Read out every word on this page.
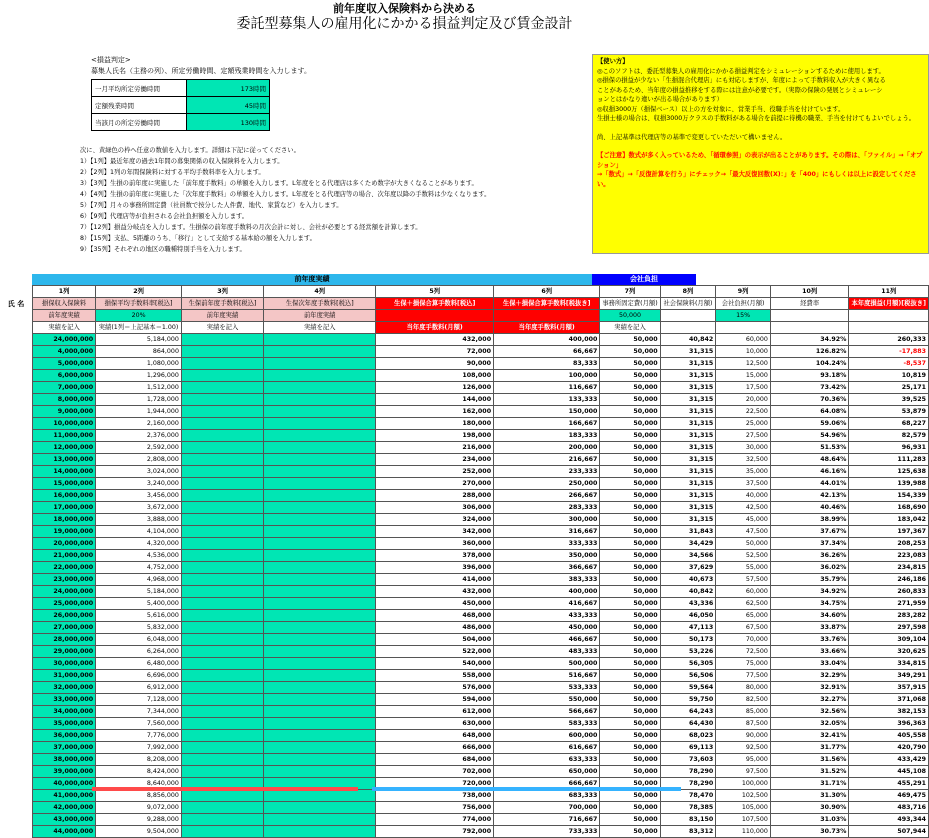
前年度収入保険料から決める
委託型募集人の雇用化にかかる損益判定及び賃金設計
<損益判定>
募集人氏名（主務の列）、所定労働時間、定額残業時間を入力します。
一月平均所定労働時間	173時間
定額残業時間	45時間
当該月の所定労働時間	130時間
次に、黄緑色の枠へ任意の数値を入力します。詳細は下記に従ってください。
1）【1列】最近年度の過去1年間の募集関係の収入保険料を入力します。
2）【2列】1列の年間保険料に対する平均手数料率を入力します。
3）【3列】生損の前年度に実施した「前年度手数料」の単額を入力します。L年度をとる代理店は多くため数字が大きくなることがあります。
4）【4列】生損の前年度に実施した「次年度手数料」の単額を入力します。L年度をとる代理店等の場合、次年度以降の手数料は少なくなります。
5）【7列】月々の事務所固定費（社員数で按分した人件費、地代、家賃など）を入力します。
6）【9列】代理店等が負担される会社負担額を入力します。
7）【12列】損益分岐点を入力します。生損保の前年度手数料の月次会計に対し、会社が必要とする経営額を計算します。
8）【15列】支払、5距離のうち、「移行」として支給する基本給の額を入力します。
9）【35列】それぞれの地区の職種特別手当を入力します。
【使い方】
◎このソフトは、委託型募集人の雇用化にかかる損益判定をシミュレーションするために使用します。
◎損保の損益が少ない「生損混合代理店」にも対応しますが、年度によって手数料収入が大きく異なる
ことがあるため、当年度の損益推移をする際には注意が必要です。（実際の保険の発展とシミュレーシ
ョンとはかなり違いが出る場合があります）
◎収損3000万（損保ベース）以上の方を対象に、営業手当、役職手当を付けています。
生損士様の場合は、収損3000万クラスの手数料がある場合を前提に待機の職業、手当を付けてもよいでしょう。
尚、上記基準は代理店等の基準で変更していただいて構いません。
【ご注意】数式が多く入っているため、「循環参照」の表示が出ることがあります。その際は、「ファイル」→「オプション」
→「数式」→「反復計算を行う」にチェック→「最大反復回数(X)：」を「400」にもしくは以上に設定してください。
前年度実績	会社負担
氏 名
1列	2列	3列	4列	5列	6列	7列	8列	9列	10列	11列
損保収入保険料	損保平均手数料率[税込]	生保前年度手数料[税込]	生保次年度手数料[税込]	生保＋損保合算手数料[税込]	生保＋損保合算手数料[税抜き]	事務所固定費(月額)	社会保険料(月額)	会社負担(月額)	経費率	本年度損益(月額)[税抜き]
前年度実績	20%	前年度実績	前年度実績			50,000		15%		
実績を記入	実績(1列＝上記基本＝1.00)	実績を記入	実績を記入	当年度手数料(月額)	当年度手数料(月額)	実績を記入				
24,000,000	5,184,000			432,000	400,000	50,000	40,842	60,000	34.92%	260,333
4,000,000	864,000			72,000	66,667	50,000	31,315	10,000	126.82%	-17,883
5,000,000	1,080,000			90,000	83,333	50,000	31,315	12,500	104.24%	-8,537
6,000,000	1,296,000			108,000	100,000	50,000	31,315	15,000	93.18%	10,819
7,000,000	1,512,000			126,000	116,667	50,000	31,315	17,500	73.42%	25,171
8,000,000	1,728,000			144,000	133,333	50,000	31,315	20,000	70.36%	39,525
9,000,000	1,944,000			162,000	150,000	50,000	31,315	22,500	64.08%	53,879
10,000,000	2,160,000			180,000	166,667	50,000	31,315	25,000	59.06%	68,227
11,000,000	2,376,000			198,000	183,333	50,000	31,315	27,500	54.96%	82,579
12,000,000	2,592,000			216,000	200,000	50,000	31,315	30,000	51.53%	96,931
13,000,000	2,808,000			234,000	216,667	50,000	31,315	32,500	48.64%	111,283
14,000,000	3,024,000			252,000	233,333	50,000	31,315	35,000	46.16%	125,638
15,000,000	3,240,000			270,000	250,000	50,000	31,315	37,500	44.01%	139,988
16,000,000	3,456,000			288,000	266,667	50,000	31,315	40,000	42.13%	154,339
17,000,000	3,672,000			306,000	283,333	50,000	31,315	42,500	40.46%	168,690
18,000,000	3,888,000			324,000	300,000	50,000	31,315	45,000	38.99%	183,042
19,000,000	4,104,000			342,000	316,667	50,000	31,843	47,500	37.67%	197,367
20,000,000	4,320,000			360,000	333,333	50,000	34,429	50,000	37.34%	208,253
21,000,000	4,536,000			378,000	350,000	50,000	34,566	52,500	36.26%	223,083
22,000,000	4,752,000			396,000	366,667	50,000	37,629	55,000	36.02%	234,815
23,000,000	4,968,000			414,000	383,333	50,000	40,673	57,500	35.79%	246,186
24,000,000	5,184,000			432,000	400,000	50,000	40,842	60,000	34.92%	260,833
25,000,000	5,400,000			450,000	416,667	50,000	43,336	62,500	34.75%	271,959
26,000,000	5,616,000			468,000	433,333	50,000	46,050	65,000	34.60%	283,282
27,000,000	5,832,000			486,000	450,000	50,000	47,113	67,500	33.87%	297,598
28,000,000	6,048,000			504,000	466,667	50,000	50,173	70,000	33.76%	309,104
29,000,000	6,264,000			522,000	483,333	50,000	53,226	72,500	33.66%	320,625
30,000,000	6,480,000			540,000	500,000	50,000	56,305	75,000	33.04%	334,815
31,000,000	6,696,000			558,000	516,667	50,000	56,506	77,500	32.29%	349,291
32,000,000	6,912,000			576,000	533,333	50,000	59,564	80,000	32.91%	357,915
33,000,000	7,128,000			594,000	550,000	50,000	59,750	82,500	32.27%	371,068
34,000,000	7,344,000			612,000	566,667	50,000	64,243	85,000	32.56%	382,153
35,000,000	7,560,000			630,000	583,333	50,000	64,430	87,500	32.05%	396,363
36,000,000	7,776,000			648,000	600,000	50,000	68,023	90,000	32.41%	405,558
37,000,000	7,992,000			666,000	616,667	50,000	69,113	92,500	31.77%	420,790
38,000,000	8,208,000			684,000	633,333	50,000	73,603	95,000	31.56%	433,429
39,000,000	8,424,000			702,000	650,000	50,000	78,290	97,500	31.52%	445,108
40,000,000	8,640,000			720,000	666,667	50,000	78,290	100,000	31.71%	455,291
41,000,000	8,856,000			738,000	683,333	50,000	78,470	102,500	31.30%	469,475
42,000,000	9,072,000			756,000	700,000	50,000	78,385	105,000	30.90%	483,716
43,000,000	9,288,000			774,000	716,667	50,000	83,150	107,500	31.03%	493,344
44,000,000	9,504,000			792,000	733,333	50,000	83,312	110,000	30.73%	507,944
